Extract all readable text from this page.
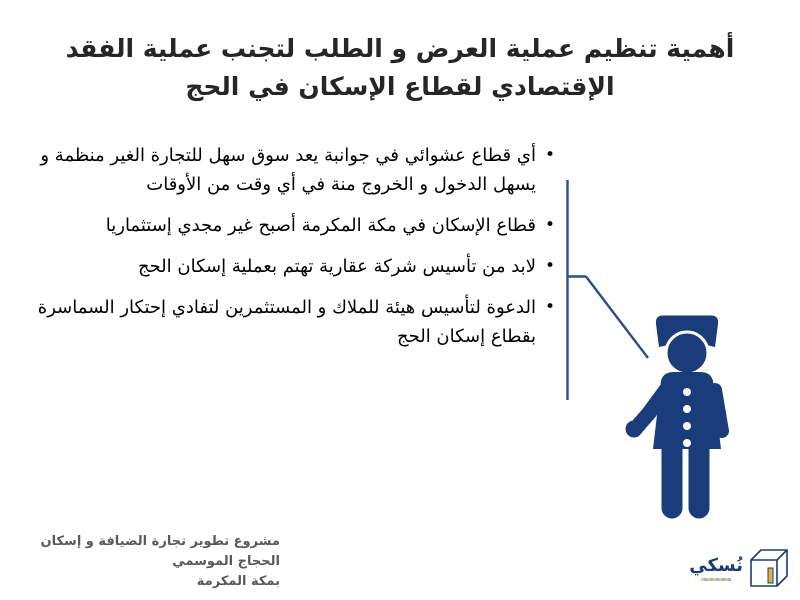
أهمية تنظيم عملية العرض و الطلب لتجنب عملية الفقد
الإقتصادي لقطاع الإسكان في الحج
•
أي قطاع عشوائي في جوانبة يعد سوق سهل للتجارة الغير منظمة و يسهل الدخول و الخروج منة في أي وقت من الأوقات
•
قطاع الإسكان في مكة المكرمة أصبح غير مجدي إستثماريا
•
لابد من تأسيس شركة عقارية تهتم بعملية إسكان الحج
•
الدعوة لتأسيس هيئة للملاك و المستثمرين لتفادي إحتكار السماسرة بقطاع إسكان الحج
مشروع تطوير تجارة الضيافة و إسكان الحجاج الموسمي
بمكة المكرمة
نُسكي
